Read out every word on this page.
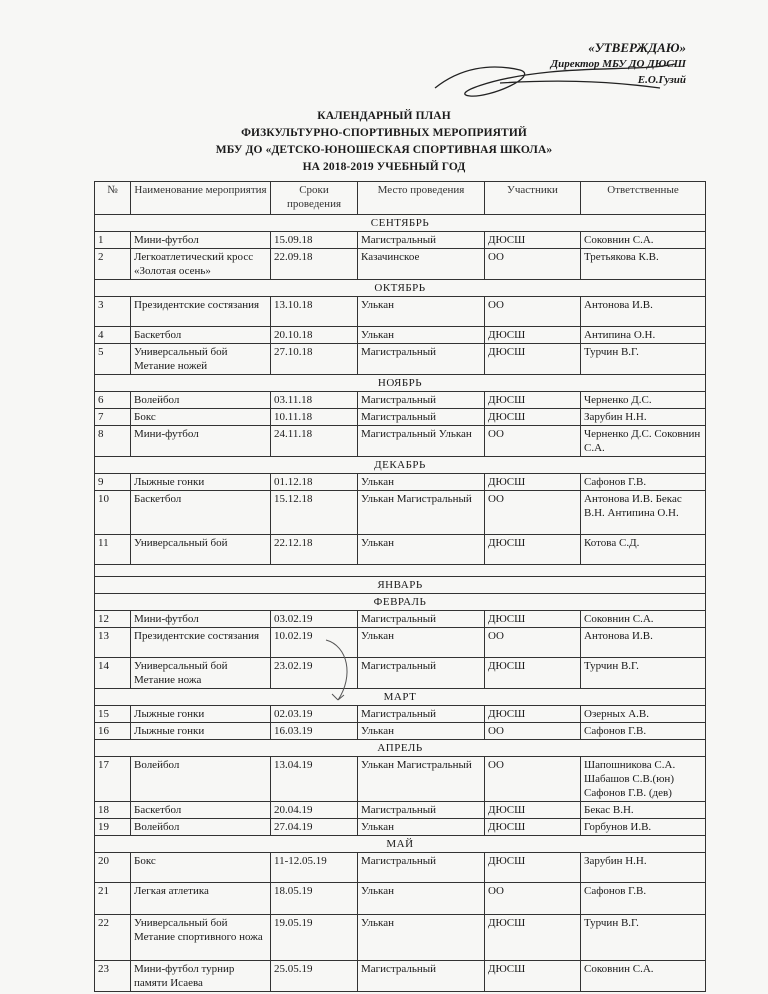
«УТВЕРЖДАЮ»
Директор МБУ ДО ДЮСШ
Е.О.Гузий
КАЛЕНДАРНЫЙ ПЛАН
ФИЗКУЛЬТУРНО-СПОРТИВНЫХ МЕРОПРИЯТИЙ
МБУ ДО «ДЕТСКО-ЮНОШЕСКАЯ СПОРТИВНАЯ ШКОЛА»
НА 2018-2019 УЧЕБНЫЙ ГОД
№	Наименование мероприятия	Сроки проведения	Место проведения	Участники	Ответственные
СЕНТЯБРЬ					
1	Мини-футбол	15.09.18	Магистральный	ДЮСШ	Соковнин С.А.
2	Легкоатлетический кросс «Золотая осень»	22.09.18	Казачинское	ОО	Третьякова К.В.
ОКТЯБРЬ					
3	Президентские состязания	13.10.18	Улькан	ОО	Антонова И.В.
4	Баскетбол	20.10.18	Улькан	ДЮСШ	Антипина О.Н.
5	Универсальный бой Метание ножей	27.10.18	Магистральный	ДЮСШ	Турчин В.Г.
НОЯБРЬ					
6	Волейбол	03.11.18	Магистральный	ДЮСШ	Черненко Д.С.
7	Бокс	10.11.18	Магистральный	ДЮСШ	Зарубин Н.Н.
8	Мини-футбол	24.11.18	Магистральный Улькан	ОО	Черненко Д.С. Соковнин С.А.
ДЕКАБРЬ					
9	Лыжные гонки	01.12.18	Улькан	ДЮСШ	Сафонов Г.В.
10	Баскетбол	15.12.18	Улькан Магистральный	ОО	Антонова И.В. Бекас В.Н. Антипина О.Н.
11	Универсальный бой	22.12.18	Улькан	ДЮСШ	Котова С.Д.

ЯНВАРЬ					
ФЕВРАЛЬ					
12	Мини-футбол	03.02.19	Магистральный	ДЮСШ	Соковнин С.А.
13	Президентские состязания	10.02.19	Улькан	ОО	Антонова И.В.
14	Универсальный бой Метание ножа	23.02.19	Магистральный	ДЮСШ	Турчин В.Г.
МАРТ					
15	Лыжные гонки	02.03.19	Магистральный	ДЮСШ	Озерных А.В.
16	Лыжные гонки	16.03.19	Улькан	ОО	Сафонов Г.В.
АПРЕЛЬ					
17	Волейбол	13.04.19	Улькан Магистральный	ОО	Шапошникова С.А. Шабашов С.В.(юн) Сафонов Г.В. (дев)
18	Баскетбол	20.04.19	Магистральный	ДЮСШ	Бекас В.Н.
19	Волейбол	27.04.19	Улькан	ДЮСШ	Горбунов И.В.
МАЙ					
20	Бокс	11-12.05.19	Магистральный	ДЮСШ	Зарубин Н.Н.
21	Легкая атлетика	18.05.19	Улькан	ОО	Сафонов Г.В.
22	Универсальный бой Метание спортивного ножа	19.05.19	Улькан	ДЮСШ	Турчин В.Г.
23	Мини-футбол турнир памяти Исаева	25.05.19	Магистральный	ДЮСШ	Соковнин С.А.
